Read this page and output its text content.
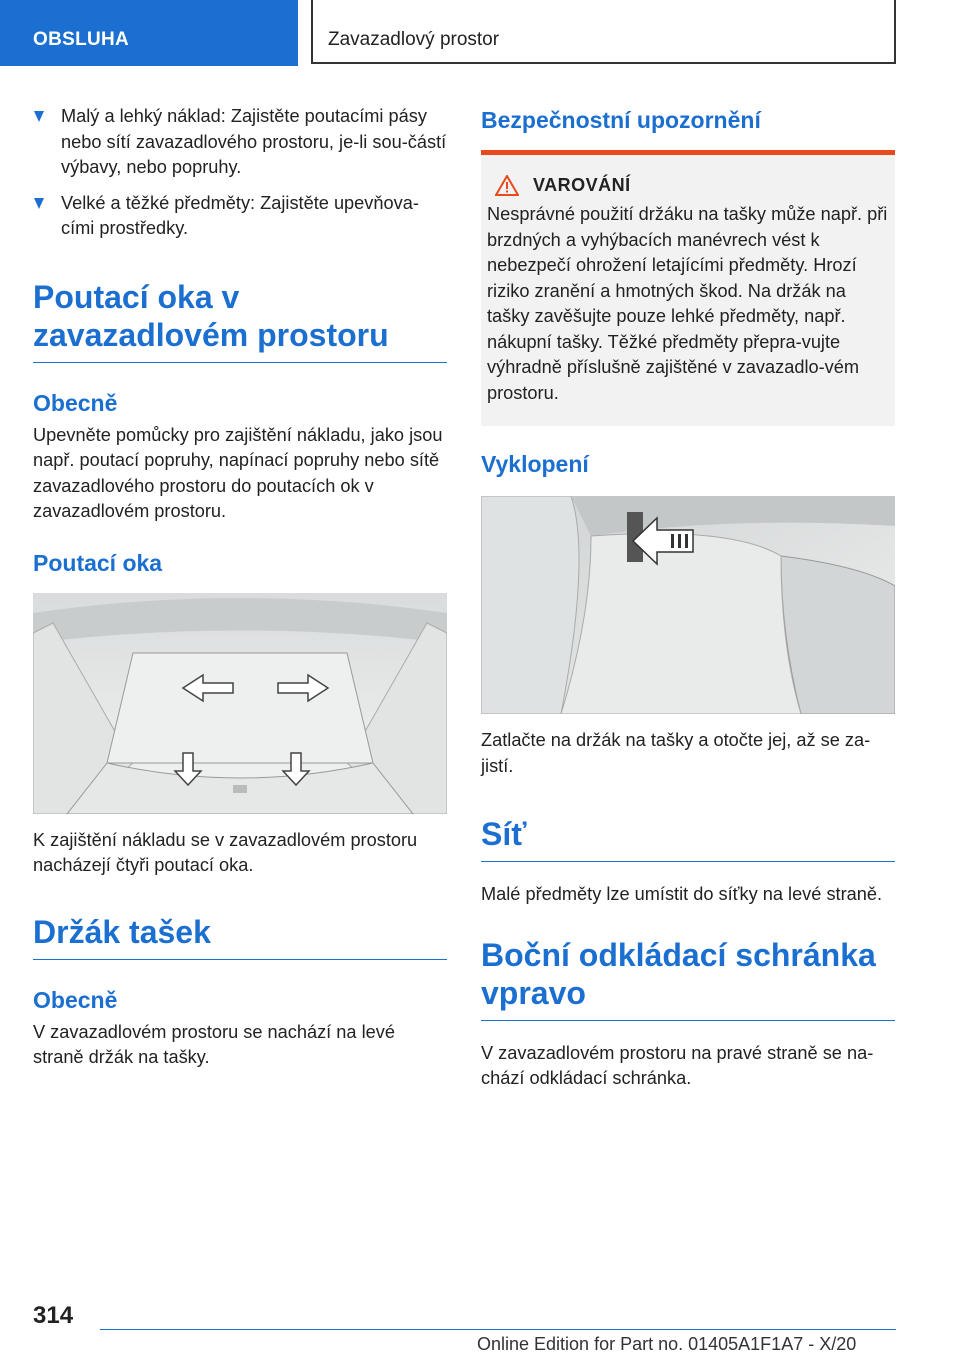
OBSLUHA	Zavazadlový prostor
Malý a lehký náklad: Zajistěte poutacími pásy nebo sítí zavazadlového prostoru, je-li sou-částí výbavy, nebo popruhy.
Velké a těžké předměty: Zajistěte upevňova-cími prostředky.
Poutací oka v zavazadlovém prostoru
Obecně

Upevněte pomůcky pro zajištění nákladu, jako jsou např. poutací popruhy, napínací popruhy nebo sítě zavazadlového prostoru do poutacích ok v zavazadlovém prostoru.

Poutací oka

K zajištění nákladu se v zavazadlovém prostoru nacházejí čtyři poutací oka.

Držák tašek
Obecně

V zavazadlovém prostoru se nachází na levé straně držák na tašky.

Bezpečnostní upozornění
VAROVÁNÍ

Nesprávné použití držáku na tašky může např. při brzdných a vyhýbacích manévrech vést k nebezpečí ohrožení letajícími předměty. Hrozí riziko zranění a hmotných škod. Na držák na tašky zavěšujte pouze lehké předměty, např. nákupní tašky. Těžké předměty přepra-vujte výhradně příslušně zajištěné v zavazadlo-vém prostoru.

Vyklopení

Zatlačte na držák na tašky a otočte jej, až se za-jistí.

Síť

Malé předměty lze umístit do síťky na levé straně.

Boční odkládací schránka vpravo

V zavazadlovém prostoru na pravé straně se na-chází odkládací schránka.

314
Online Edition for Part no. 01405A1F1A7 - X/20
